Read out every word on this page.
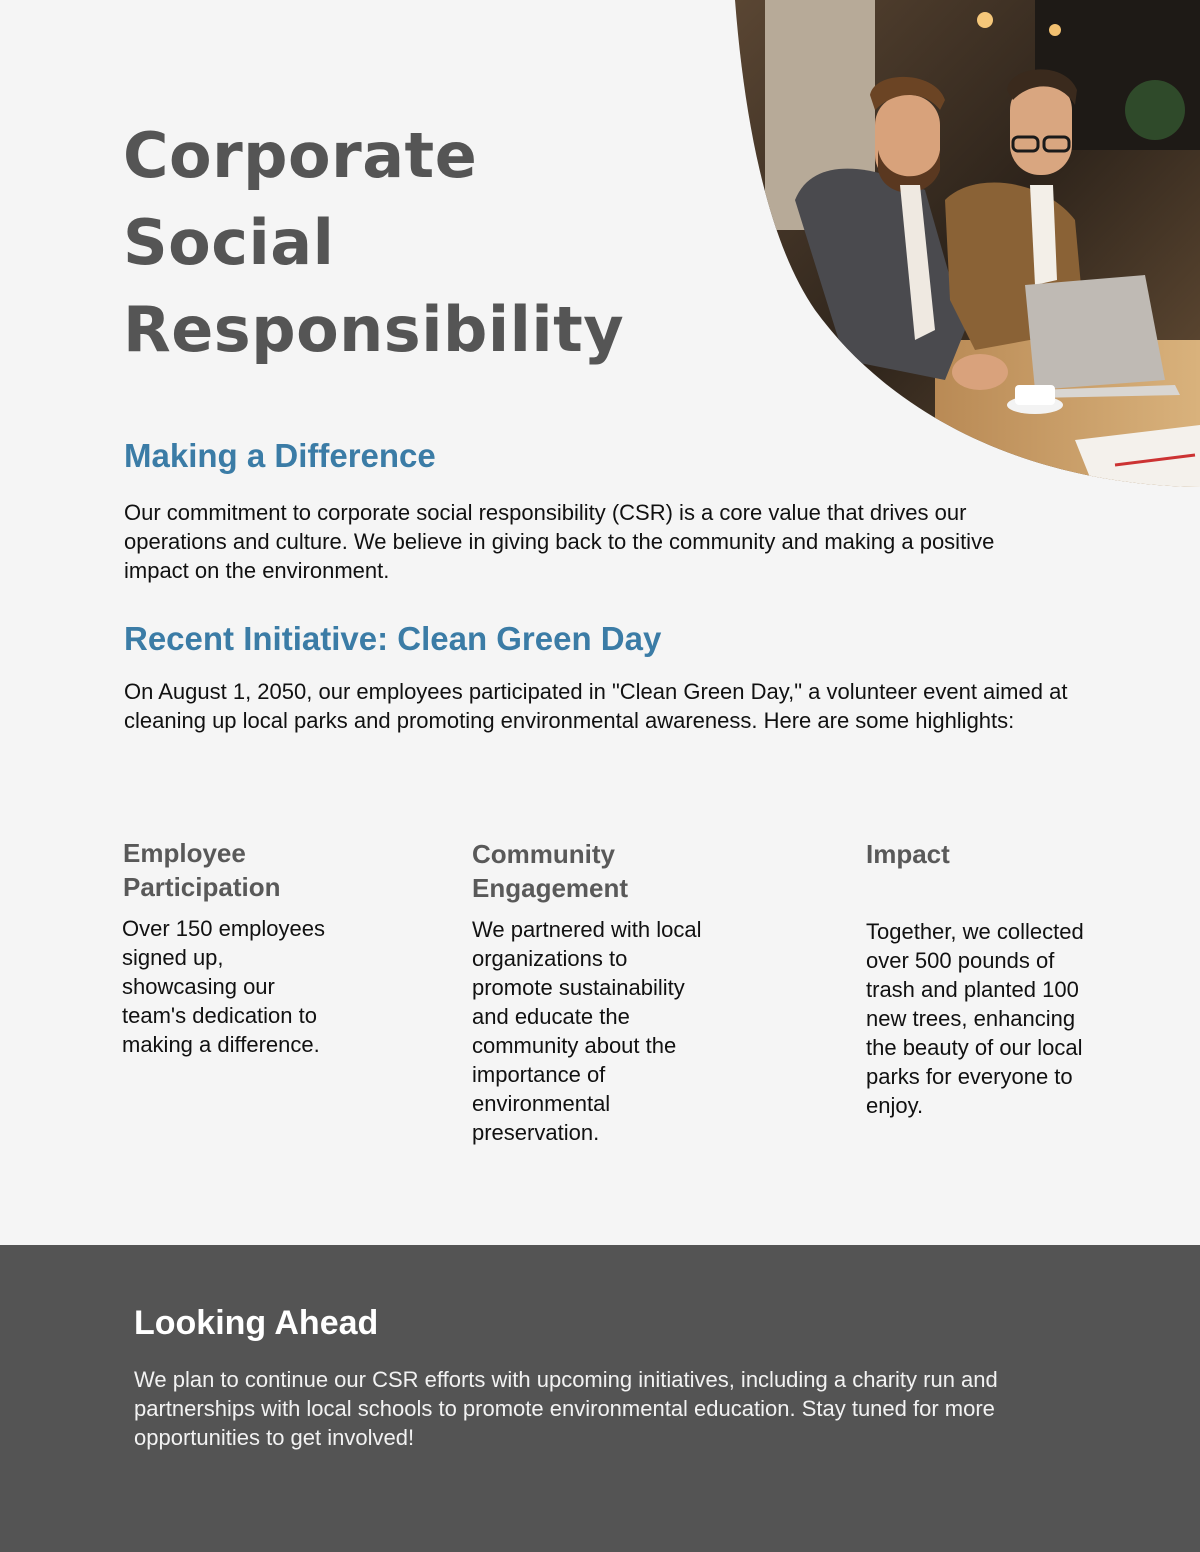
Corporate
Social
Responsibility
Making a Difference

Our commitment to corporate social responsibility (CSR) is a core value that drives our operations and culture. We believe in giving back to the community and making a positive impact on the environment.

Recent Initiative: Clean Green Day

On August 1, 2050, our employees participated in "Clean Green Day," a volunteer event aimed at cleaning up local parks and promoting environmental awareness. Here are some highlights:

Employee Participation

Over 150 employees signed up, showcasing our team's dedication to making a difference.

Community Engagement

We partnered with local organizations to promote sustainability and educate the community about the importance of environmental preservation.

Impact

Together, we collected over 500 pounds of trash and planted 100 new trees, enhancing the beauty of our local parks for everyone to enjoy.

Looking Ahead

We plan to continue our CSR efforts with upcoming initiatives, including a charity run and partnerships with local schools to promote environmental education. Stay tuned for more opportunities to get involved!
